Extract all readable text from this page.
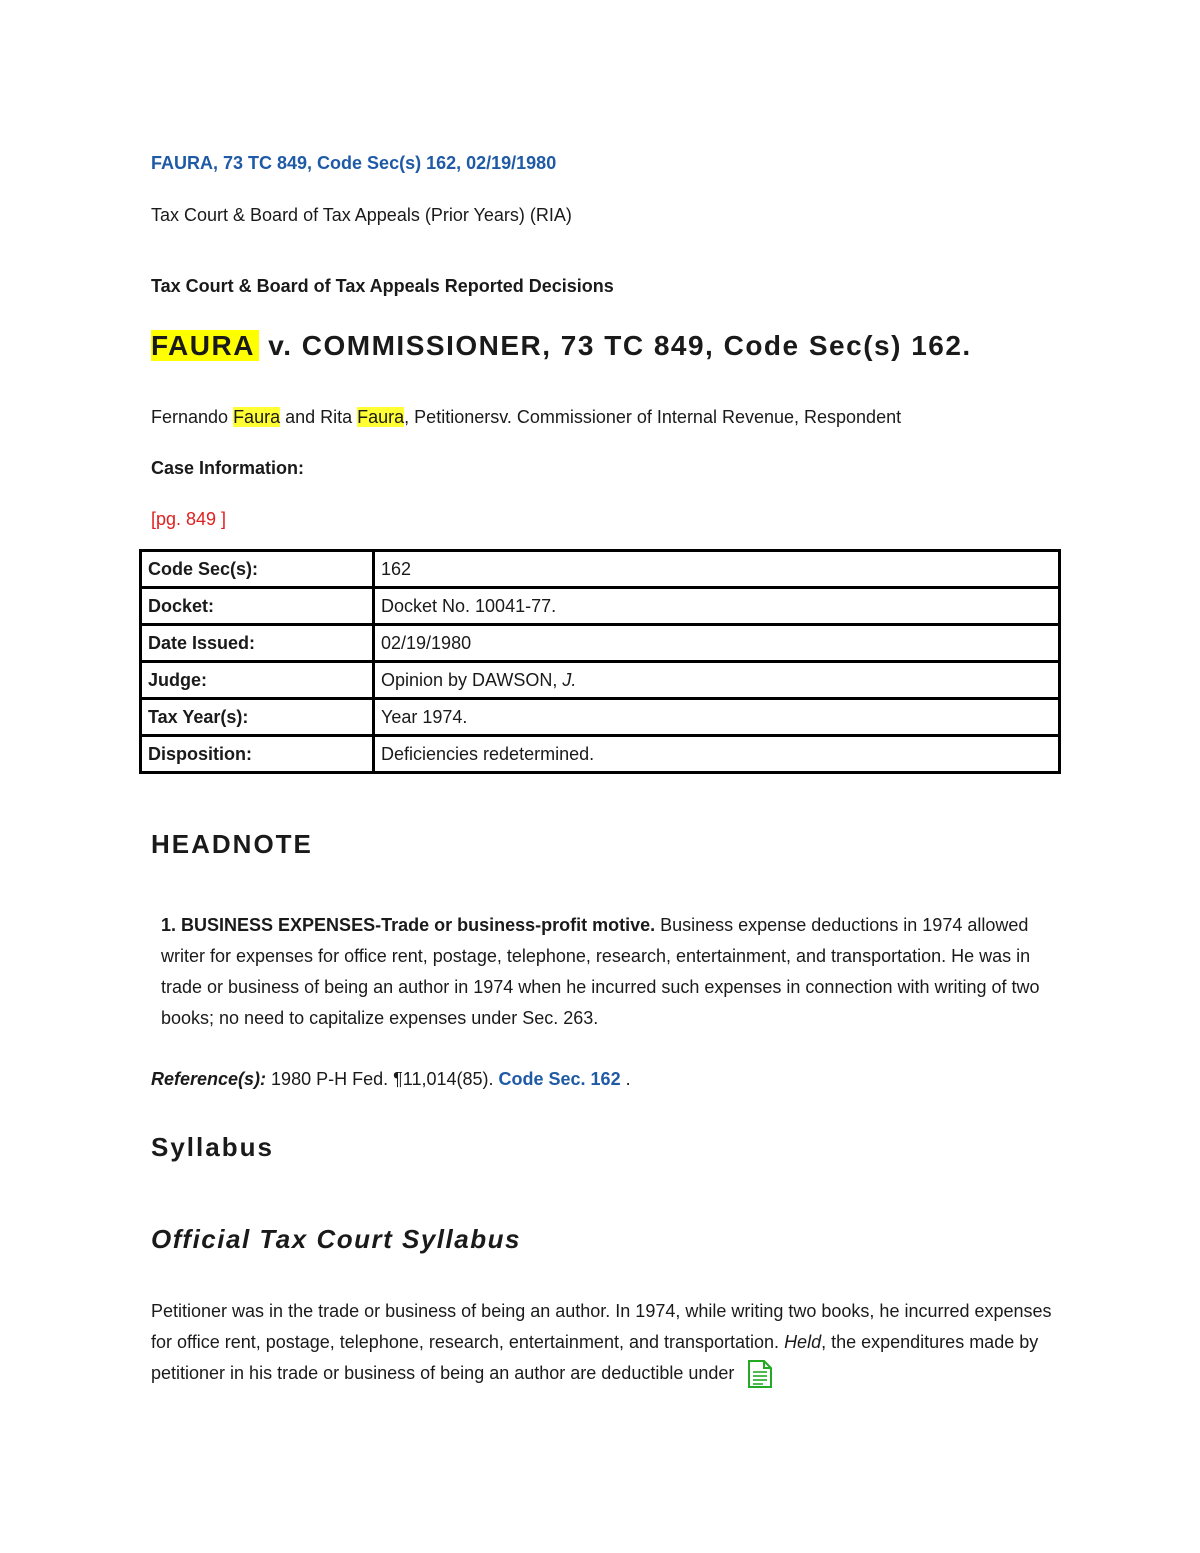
FAURA, 73 TC 849, Code Sec(s) 162, 02/19/1980
Tax Court & Board of Tax Appeals (Prior Years) (RIA)
Tax Court & Board of Tax Appeals Reported Decisions
FAURA v. COMMISSIONER, 73 TC 849, Code Sec(s) 162.
Fernando Faura and Rita Faura, Petitionersv. Commissioner of Internal Revenue, Respondent
Case Information:
[pg. 849 ]
Code Sec(s):	162
Docket:	Docket No. 10041-77.
Date Issued:	02/19/1980
Judge:	Opinion by DAWSON, J.
Tax Year(s):	Year 1974.
Disposition:	Deficiencies redetermined.
HEADNOTE
1. BUSINESS EXPENSES-Trade or business-profit motive. Business expense deductions in 1974 allowed writer for expenses for office rent, postage, telephone, research, entertainment, and transportation. He was in trade or business of being an author in 1974 when he incurred such expenses in connection with writing of two books; no need to capitalize expenses under Sec. 263.
Reference(s): 1980 P-H Fed. ¶11,014(85). Code Sec. 162 .
Syllabus
Official Tax Court Syllabus
Petitioner was in the trade or business of being an author. In 1974, while writing two books, he incurred expenses for office rent, postage, telephone, research, entertainment, and transportation. Held, the expenditures made by petitioner in his trade or business of being an author are deductible under
